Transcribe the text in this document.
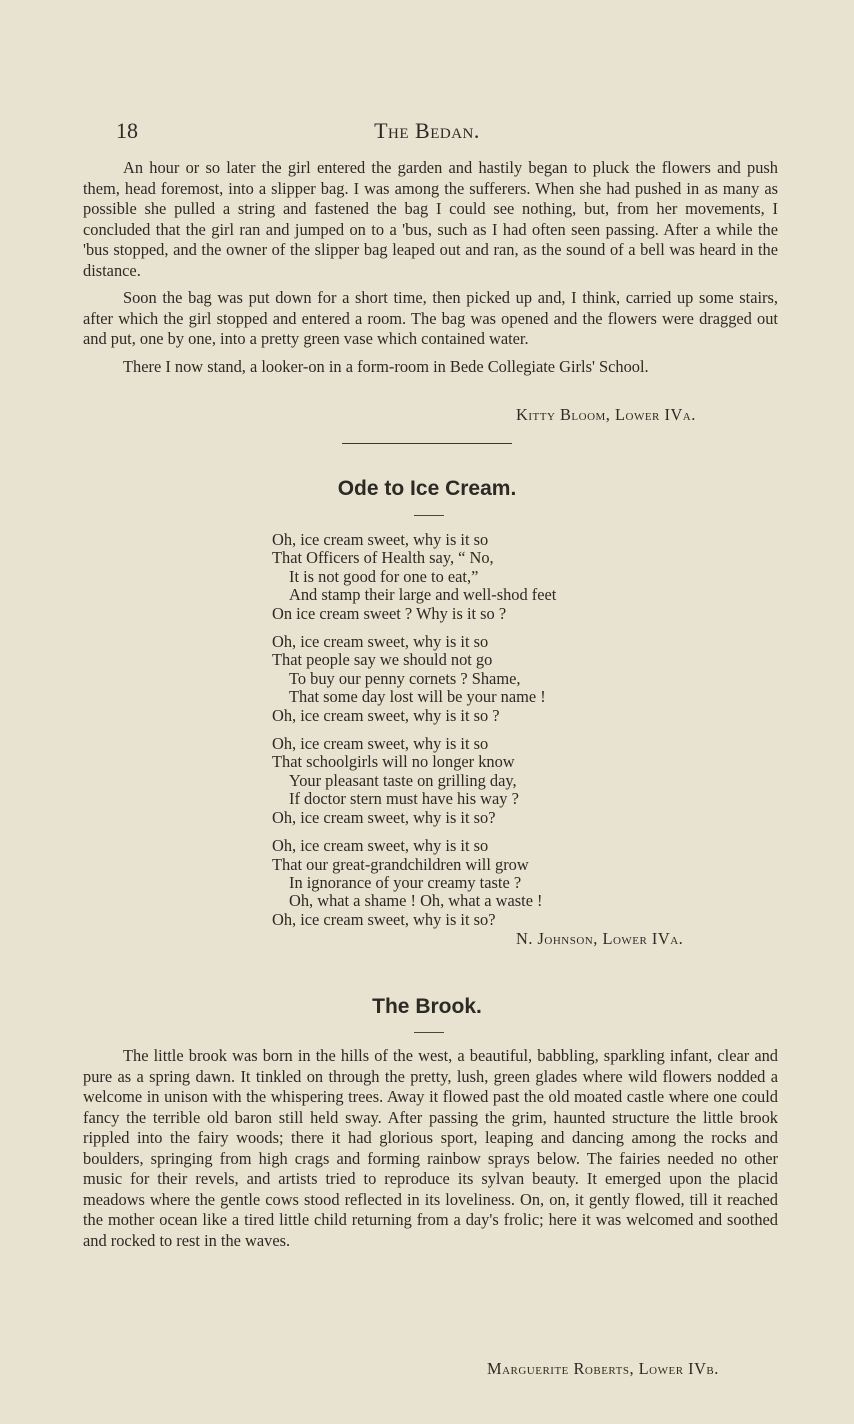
The Bedan.
18

An hour or so later the girl entered the garden and hastily began to pluck the flowers and push them, head foremost, into a slipper bag. I was among the sufferers. When she had pushed in as many as possible she pulled a string and fastened the bag I could see nothing, but, from her movements, I concluded that the girl ran and jumped on to a 'bus, such as I had often seen passing. After a while the 'bus stopped, and the owner of the slipper bag leaped out and ran, as the sound of a bell was heard in the distance.

Soon the bag was put down for a short time, then picked up and, I think, carried up some stairs, after which the girl stopped and entered a room. The bag was opened and the flowers were dragged out and put, one by one, into a pretty green vase which contained water.

There I now stand, a looker-on in a form-room in Bede Collegiate Girls' School.

Kitty Bloom, Lower IVa.
Ode to Ice Cream.
Oh, ice cream sweet, why is it so
That Officers of Health say, “ No,
It is not good for one to eat,”
And stamp their large and well-shod feet
On ice cream sweet ? Why is it so ?
Oh, ice cream sweet, why is it so
That people say we should not go
To buy our penny cornets ? Shame,
That some day lost will be your name !
Oh, ice cream sweet, why is it so ?
Oh, ice cream sweet, why is it so
That schoolgirls will no longer know
Your pleasant taste on grilling day,
If doctor stern must have his way ?
Oh, ice cream sweet, why is it so?
Oh, ice cream sweet, why is it so
That our great-grandchildren will grow
In ignorance of your creamy taste ?
Oh, what a shame ! Oh, what a waste !
Oh, ice cream sweet, why is it so?
N. Johnson, Lower IVa.
The Brook.

The little brook was born in the hills of the west, a beautiful, babbling, sparkling infant, clear and pure as a spring dawn. It tinkled on through the pretty, lush, green glades where wild flowers nodded a welcome in unison with the whispering trees. Away it flowed past the old moated castle where one could fancy the terrible old baron still held sway. After passing the grim, haunted structure the little brook rippled into the fairy woods; there it had glorious sport, leaping and dancing among the rocks and boulders, springing from high crags and forming rainbow sprays below. The fairies needed no other music for their revels, and artists tried to reproduce its sylvan beauty. It emerged upon the placid meadows where the gentle cows stood reflected in its loveliness. On, on, it gently flowed, till it reached the mother ocean like a tired little child returning from a day's frolic; here it was welcomed and soothed and rocked to rest in the waves.

Marguerite Roberts, Lower IVb.
